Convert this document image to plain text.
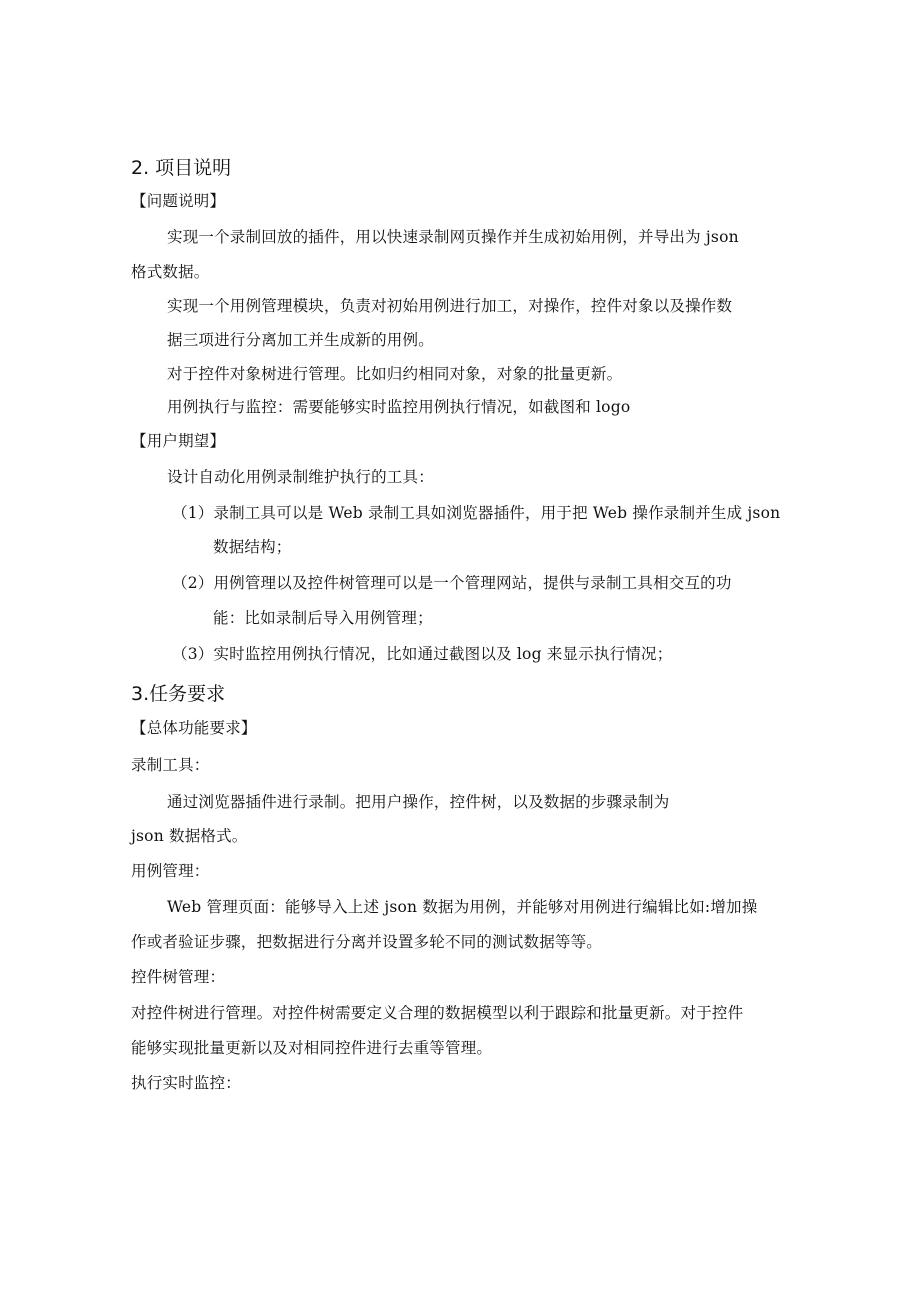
2. 项目说明
【问题说明】
实现一个录制回放的插件，用以快速录制网页操作并生成初始用例，并导出为 json
格式数据。
实现一个用例管理模块，负责对初始用例进行加工，对操作，控件对象以及操作数
据三项进行分离加工并生成新的用例。
对于控件对象树进行管理。比如归约相同对象，对象的批量更新。
用例执行与监控：需要能够实时监控用例执行情况，如截图和 logo
【用户期望】
设计自动化用例录制维护执行的工具：
（1）录制工具可以是 Web 录制工具如浏览器插件，用于把 Web 操作录制并生成 json
数据结构；
（2）用例管理以及控件树管理可以是一个管理网站，提供与录制工具相交互的功
能：比如录制后导入用例管理；
（3）实时监控用例执行情况，比如通过截图以及 log 来显示执行情况；
3.任务要求
【总体功能要求】
录制工具：
通过浏览器插件进行录制。把用户操作，控件树，以及数据的步骤录制为
json 数据格式。
用例管理：
Web 管理页面：能够导入上述 json 数据为用例，并能够对用例进行编辑比如:增加操
作或者验证步骤，把数据进行分离并设置多轮不同的测试数据等等。
控件树管理：
对控件树进行管理。对控件树需要定义合理的数据模型以利于跟踪和批量更新。对于控件
能够实现批量更新以及对相同控件进行去重等管理。
执行实时监控：
